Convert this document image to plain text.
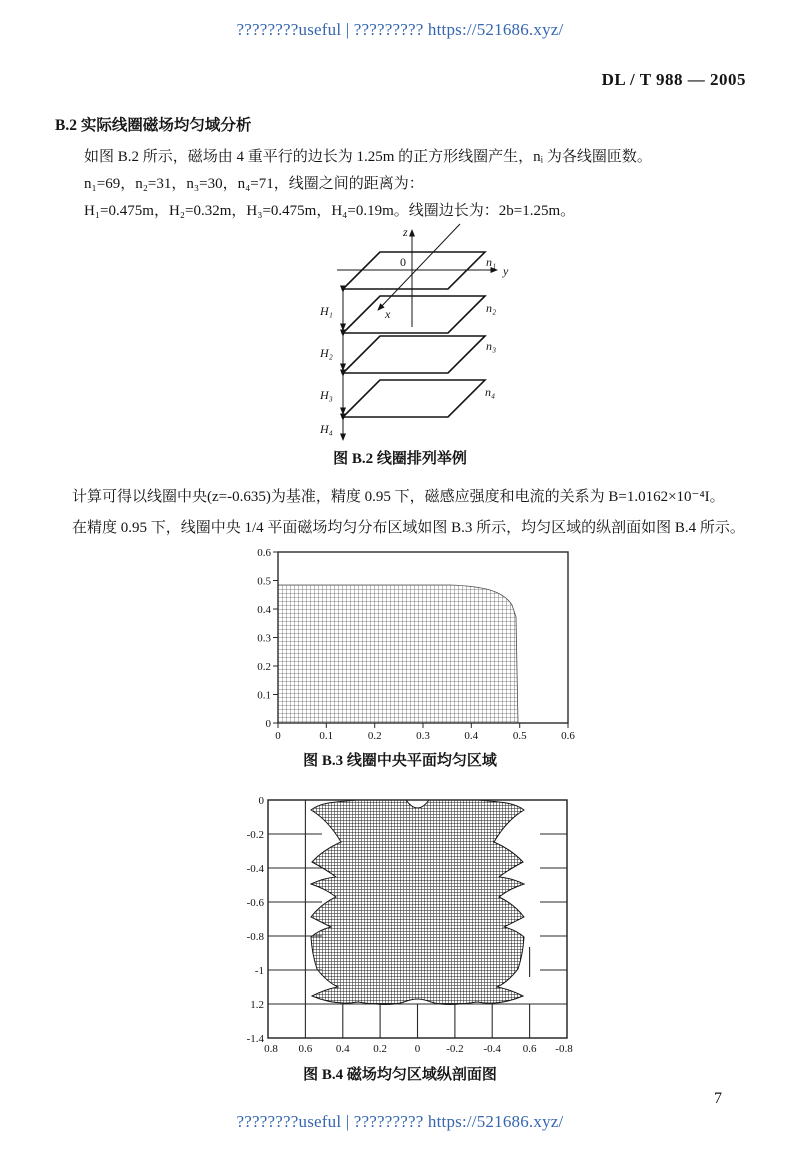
????????useful | ????????? https://521686.xyz/
DL / T 988 — 2005
B.2 实际线圈磁场均匀域分析
如图 B.2 所示，磁场由 4 重平行的边长为 1.25m 的正方形线圈产生，nᵢ 为各线圈匝数。
n₁=69，n₂=31，n₃=30，n₄=71，线圈之间的距离为：
H₁=0.475m，H₂=0.32m，H₃=0.475m，H₄=0.19m。线圈边长为：2b=1.25m。
z
y
x
0	n₁
n₂
n₃
n₄
H₁
H₂
H₃
H₄
图 B.2 线圈排列举例
计算可得以线圈中央(z=-0.635)为基准，精度 0.95 下，磁感应强度和电流的关系为 B=1.0162×10⁻⁴I。
在精度 0.95 下，线圈中央 1/4 平面磁场均匀分布区域如图 B.3 所示，均匀区域的纵剖面如图 B.4 所示。
0.6
0.5
0.4
0.3
0.2
0.1
0
0	0.1	0.2	0.3	0.4	0.5	0.6
图 B.3 线圈中央平面均匀区域
0
-0.2
-0.4
-0.6
-0.8
-1
1.2
-1.4
0.8 0.6 0.4 0.2	0 -0.2 -0.4 0.6 -0.8
图 B.4 磁场均匀区域纵剖面图
7
????????useful | ????????? https://521686.xyz/
